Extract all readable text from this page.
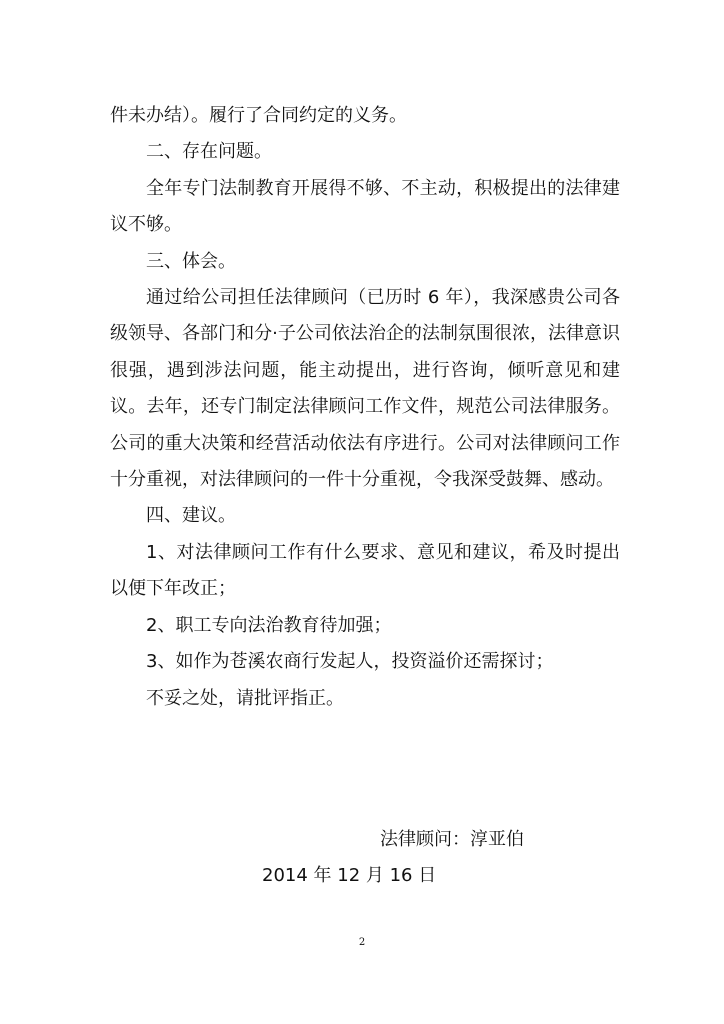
件未办结）。履行了合同约定的义务。

二、存在问题。

全年专门法制教育开展得不够、不主动，积极提出的法律建议不够。

三、体会。

通过给公司担任法律顾问（已历时 6 年），我深感贵公司各级领导、各部门和分·子公司依法治企的法制氛围很浓，法律意识很强，遇到涉法问题，能主动提出，进行咨询，倾听意见和建议。去年，还专门制定法律顾问工作文件，规范公司法律服务。公司的重大决策和经营活动依法有序进行。公司对法律顾问工作十分重视，对法律顾问的一件十分重视，令我深受鼓舞、感动。

四、建议。

1、对法律顾问工作有什么要求、意见和建议，希及时提出以便下年改正；

2、职工专向法治教育待加强；

3、如作为苍溪农商行发起人，投资溢价还需探讨；

不妥之处，请批评指正。

法律顾问：淳亚伯
2014 年 12 月 16 日
2
